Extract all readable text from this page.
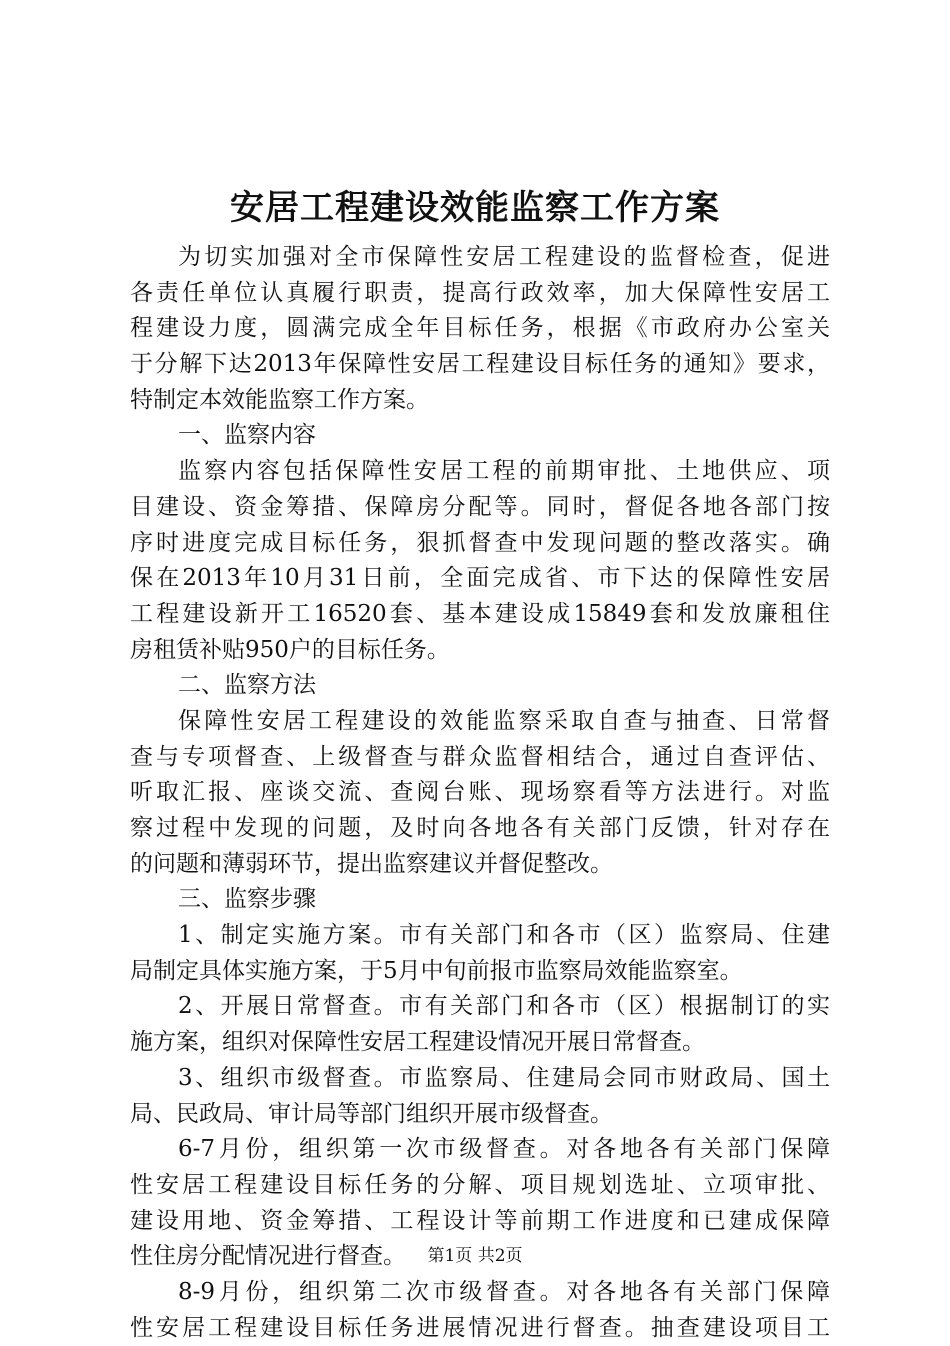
安居工程建设效能监察工作方案
为切实加强对全市保障性安居工程建设的监督检查，促进
各责任单位认真履行职责，提高行政效率，加大保障性安居工
程建设力度，圆满完成全年目标任务，根据《市政府办公室关
于分解下达2013年保障性安居工程建设目标任务的通知》要求，
特制定本效能监察工作方案。
一、监察内容
监察内容包括保障性安居工程的前期审批、土地供应、项
目建设、资金筹措、保障房分配等。同时，督促各地各部门按
序时进度完成目标任务，狠抓督查中发现问题的整改落实。确
保在2013年10月31日前，全面完成省、市下达的保障性安居
工程建设新开工16520套、基本建设成15849套和发放廉租住
房租赁补贴950户的目标任务。
二、监察方法
保障性安居工程建设的效能监察采取自查与抽查、日常督
查与专项督查、上级督查与群众监督相结合，通过自查评估、
听取汇报、座谈交流、查阅台账、现场察看等方法进行。对监
察过程中发现的问题，及时向各地各有关部门反馈，针对存在
的问题和薄弱环节，提出监察建议并督促整改。
三、监察步骤
1、制定实施方案。市有关部门和各市（区）监察局、住建
局制定具体实施方案，于5月中旬前报市监察局效能监察室。
2、开展日常督查。市有关部门和各市（区）根据制订的实
施方案，组织对保障性安居工程建设情况开展日常督查。
3、组织市级督查。市监察局、住建局会同市财政局、国土
局、民政局、审计局等部门组织开展市级督查。
6-7月份，组织第一次市级督查。对各地各有关部门保障
性安居工程建设目标任务的分解、项目规划选址、立项审批、
建设用地、资金筹措、工程设计等前期工作进度和已建成保障
性住房分配情况进行督查。
8-9月份，组织第二次市级督查。对各地各有关部门保障
性安居工程建设目标任务进展情况进行督查。抽查建设项目工
第1页 共2页
